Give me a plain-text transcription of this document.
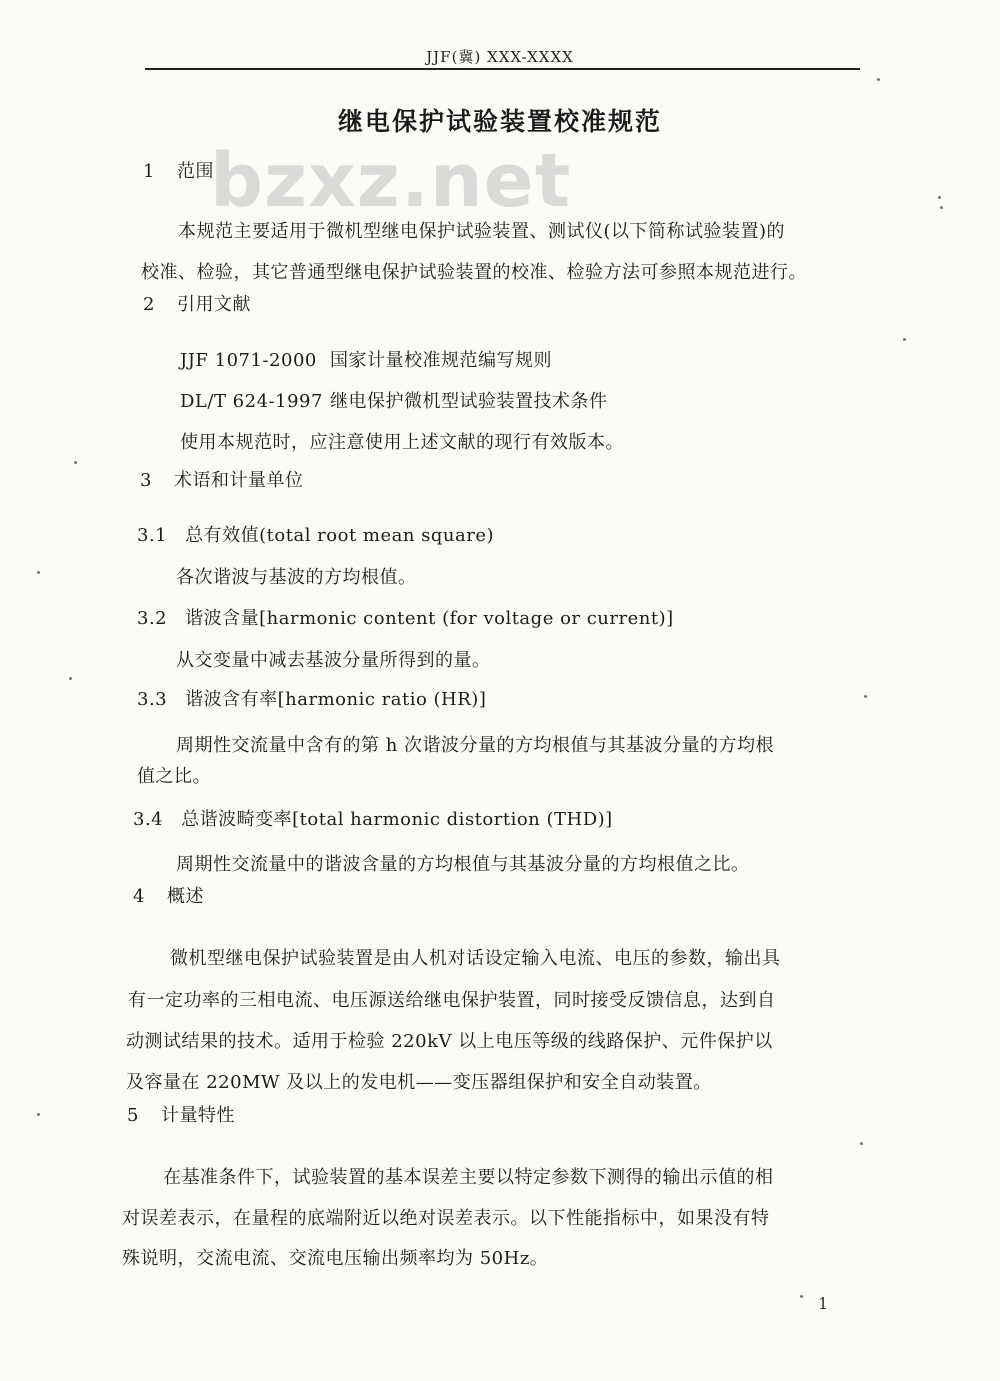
JJF(冀) XXX-XXXX
继电保护试验装置校准规范
bzxz.net
1 范围
本规范主要适用于微机型继电保护试验装置、测试仪(以下简称试验装置)的
校准、检验，其它普通型继电保护试验装置的校准、检验方法可参照本规范进行。
2 引用文献
JJF 1071-2000 国家计量校准规范编写规则
DL/T 624-1997 继电保护微机型试验装置技术条件
使用本规范时，应注意使用上述文献的现行有效版本。
3 术语和计量单位
3.1 总有效值(total root mean square)
各次谐波与基波的方均根值。
3.2 谐波含量[harmonic content (for voltage or current)]
从交变量中减去基波分量所得到的量。
3.3 谐波含有率[harmonic ratio (HR)]
周期性交流量中含有的第 h 次谐波分量的方均根值与其基波分量的方均根
值之比。
3.4 总谐波畸变率[total harmonic distortion (THD)]
周期性交流量中的谐波含量的方均根值与其基波分量的方均根值之比。
4 概述
微机型继电保护试验装置是由人机对话设定输入电流、电压的参数，输出具
有一定功率的三相电流、电压源送给继电保护装置，同时接受反馈信息，达到自
动测试结果的技术。适用于检验 220kV 以上电压等级的线路保护、元件保护以
及容量在 220MW 及以上的发电机——变压器组保护和安全自动装置。
5 计量特性
在基准条件下，试验装置的基本误差主要以特定参数下测得的输出示值的相
对误差表示，在量程的底端附近以绝对误差表示。以下性能指标中，如果没有特
殊说明，交流电流、交流电压输出频率均为 50Hz。
1
